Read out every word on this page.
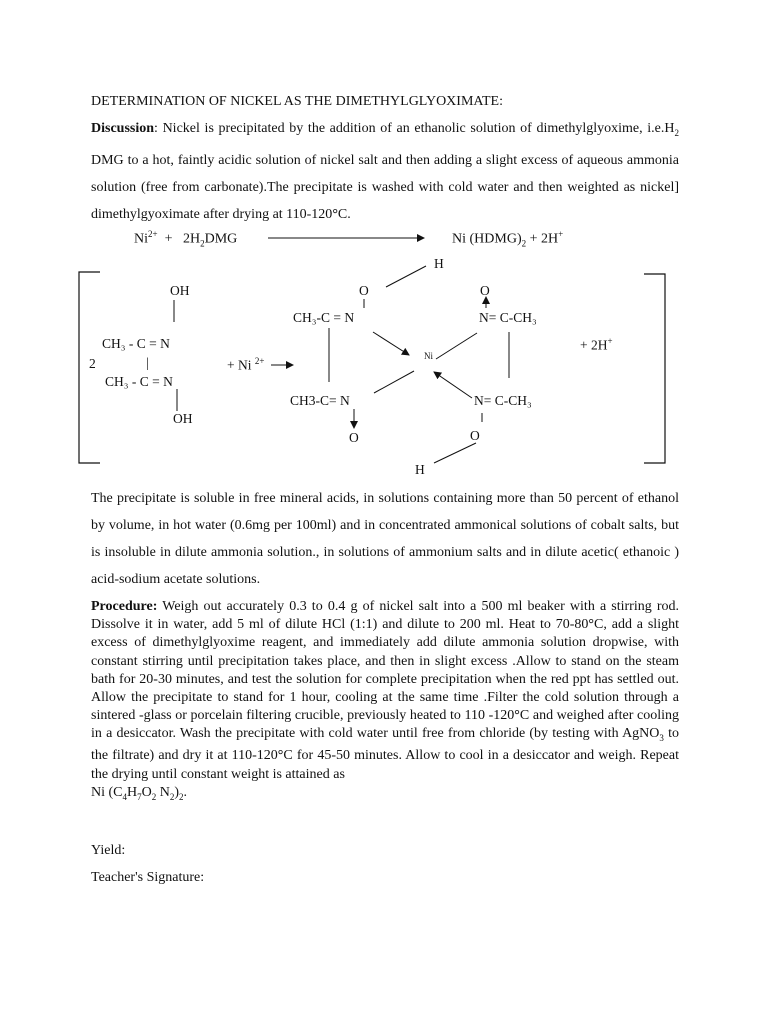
DETERMINATION OF NICKEL AS THE DIMETHYLGLYOXIMATE:
Discussion: Nickel is precipitated by the addition of an ethanolic solution of dimethylglyoxime, $i.e.H_2$ DMG to a hot, faintly acidic solution of nickel salt and then adding a slight excess of aqueous ammonia solution (free from carbonate).The precipitate is washed with cold water and then weighted as nickel] dimethylgyoximate after drying at 110-120°C.
$Ni^{2+} + 2H_2DMG$	Ni $(HDMG)_2 + 2H^+$
2
OH
CH₃ - C = N
|
CH₃ - C = N
OH
+ Ni $^{2+}$
H
O	O
CH₃-C = N	N= C-CH₃
Ni
CH3-C= N	N= C-CH₃
O	O
H
+ 2H+
The precipitate is soluble in free mineral acids, in solutions containing more than 50 percent of ethanol by volume, in hot water (0.6mg per 100ml) and in concentrated ammonical solutions of cobalt salts, but is insoluble in dilute ammonia solution., in solutions of ammonium salts and in dilute acetic( ethanoic ) acid-sodium acetate solutions.
Procedure: Weigh out accurately 0.3 to 0.4 g of nickel salt into a 500 ml beaker with a stirring rod. Dissolve it in water, add 5 ml of dilute HCl (1:1) and dilute to 200 ml. Heat to 70-80°C, add a slight excess of dimethylglyoxime reagent, and immediately add dilute ammonia solution dropwise, with constant stirring until precipitation takes place, and then in slight excess .Allow to stand on the steam bath for 20-30 minutes, and test the solution for complete precipitation when the red ppt has settled out. Allow the precipitate to stand for 1 hour, cooling at the same time .Filter the cold solution through a sintered -glass or porcelain filtering crucible, previously heated to 110 -120°C and weighed after cooling in a desiccator. Wash the precipitate with cold water until free from chloride (by testing with AgNO$_3$ to the filtrate) and dry it at 110-120°C for 45-50 minutes. Allow to cool in a desiccator and weigh. Repeat the drying until constant weight is attained as
Ni ($C_4H_7O_2$ $N_2)_2$.
Yield:
Teacher's Signature:
